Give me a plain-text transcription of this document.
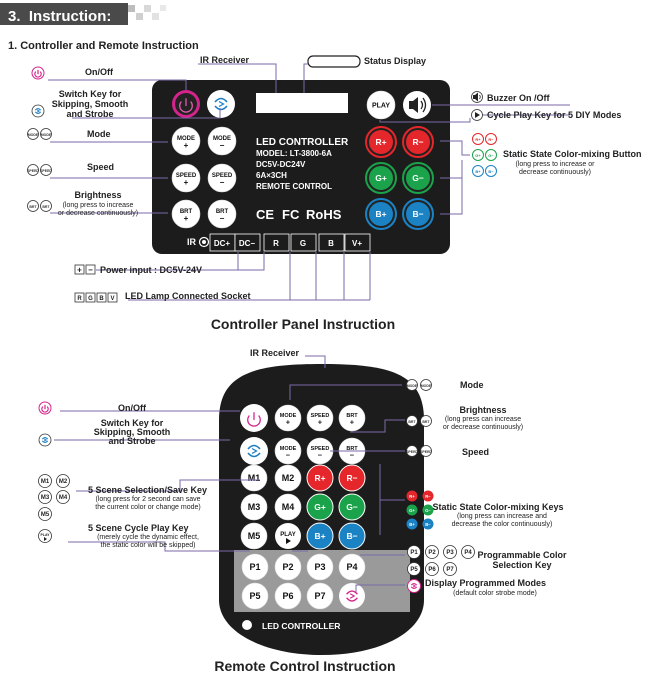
3. Instruction:
1. Controller and Remote Instruction
LED CONTROLLER
MODEL: LT-3800-6A
DC5V-DC24V
6A×3CH
REMOTE CONTROL
CE FC RoHS
IR DC+ DC− R	G	B V+
MODE
+
MODE
−
SPEED
+
SPEED
−
BRT
+
BRT
−
PLAY
R+	R−
G+	G−
B+	B−
MODE MODE
SPEED SPEED
BRT BRT
R+ R−
G+ G−
B+ B−
+ −
R G B V
On/Off
Switch Key for
Skipping, Smooth
and Strobe
Mode
Speed
Brightness
IR Receiver	Status Display
Buzzer On /Off
Cycle Play Key for 5 DIY Modes
Static State Color-mixing Button
Power input : DC5V-24V
LED Lamp Connected Socket
(long press to increase
or decrease continuously)
(long press to increase or
decrease continuously)
Controller Panel Instruction
LED CONTROLLER
MODE
+
SPEED
+
BRT
+
MODE
−
SPEED
−
BRT
−
M1 M2
M3 M4
M5	PLAY
R+ R−
G+ G−
B+ B−
P1 P2 P3 P4
P5 P6 P7
MODE MODE
BRT BRT
SPEED SPEED
M1 M2
M3 M4
M5
PLAY
R+	R−
G+ G−
B+	B−
P1 P2 P3 P4
P5 P6 P7
IR Receiver
On/Off
Switch Key for
Skipping, Smooth
and Strobe
5 Scene Selection/Save Key
5 Scene Cycle Play Key
Mode
Brightness
Speed
Static State Color-mixing Keys
Programmable Color
Selection Key
Display Programmed Modes
(long press for 2 second can save
the current color or change mode)
(merely cycle the dynamic effect,
the static color will be skipped)
(long press can increase
or decrease continuously)
(long press can increase and
decrease the color continuously)
(default color strobe mode)
Remote Control Instruction
